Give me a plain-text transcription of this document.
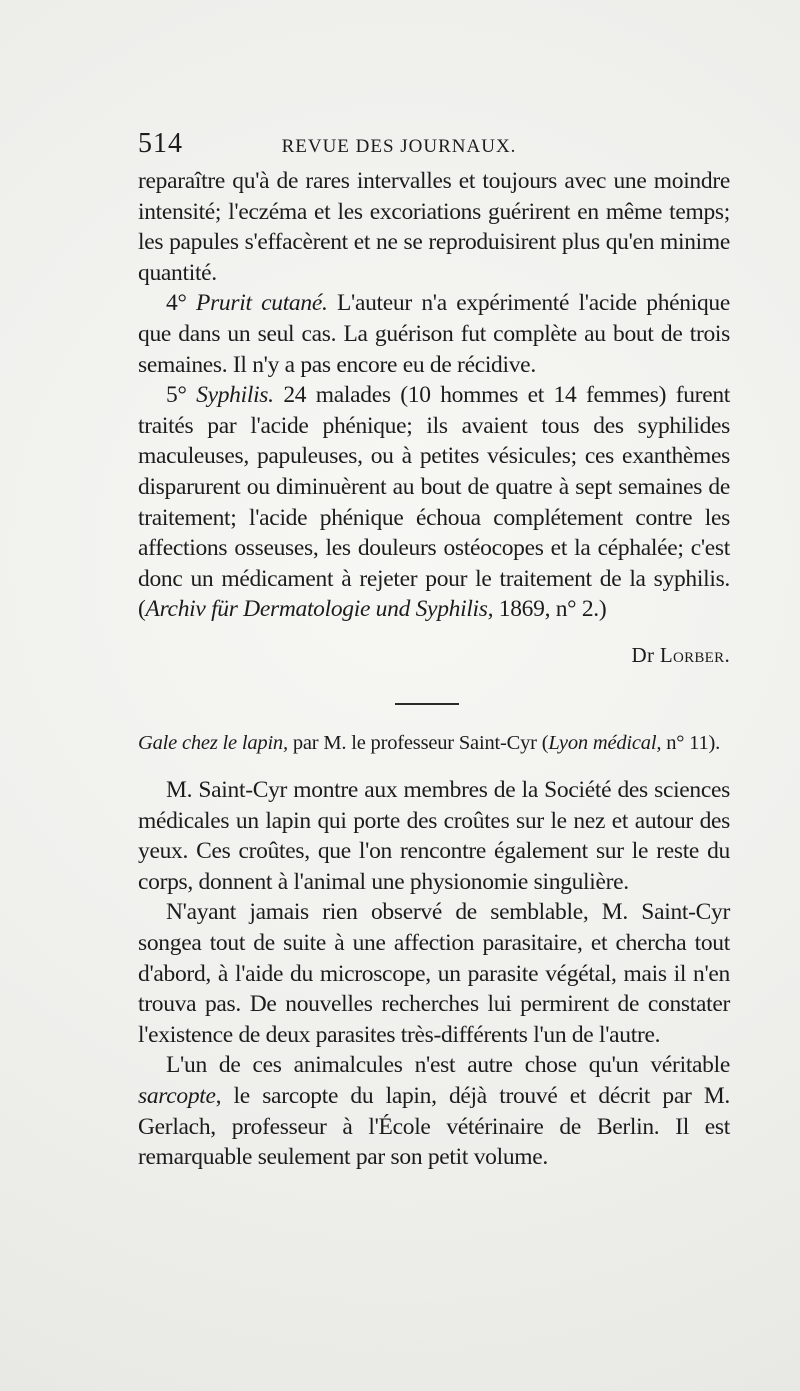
514	REVUE DES JOURNAUX.

reparaître qu'à de rares intervalles et toujours avec une moindre intensité; l'eczéma et les excoriations guérirent en même temps; les papules s'effacèrent et ne se reproduisirent plus qu'en minime quantité.

4° Prurit cutané. L'auteur n'a expérimenté l'acide phénique que dans un seul cas. La guérison fut complète au bout de trois semaines. Il n'y a pas encore eu de récidive.

5° Syphilis. 24 malades (10 hommes et 14 femmes) furent traités par l'acide phénique; ils avaient tous des syphilides maculeuses, papuleuses, ou à petites vésicules; ces exanthèmes disparurent ou diminuèrent au bout de quatre à sept semaines de traitement; l'acide phénique échoua complétement contre les affections osseuses, les douleurs ostéocopes et la céphalée; c'est donc un médicament à rejeter pour le traitement de la syphilis. (Archiv für Dermatologie und Syphilis, 1869, n° 2.)

Dr Lorber.
Gale chez le lapin, par M. le professeur Saint-Cyr (Lyon médical, n° 11).

M. Saint-Cyr montre aux membres de la Société des sciences médicales un lapin qui porte des croûtes sur le nez et autour des yeux. Ces croûtes, que l'on rencontre également sur le reste du corps, donnent à l'animal une physionomie singulière.

N'ayant jamais rien observé de semblable, M. Saint-Cyr songea tout de suite à une affection parasitaire, et chercha tout d'abord, à l'aide du microscope, un parasite végétal, mais il n'en trouva pas. De nouvelles recherches lui permirent de constater l'existence de deux parasites très-différents l'un de l'autre.

L'un de ces animalcules n'est autre chose qu'un véritable sarcopte, le sarcopte du lapin, déjà trouvé et décrit par M. Gerlach, professeur à l'École vétérinaire de Berlin. Il est remarquable seulement par son petit volume.
